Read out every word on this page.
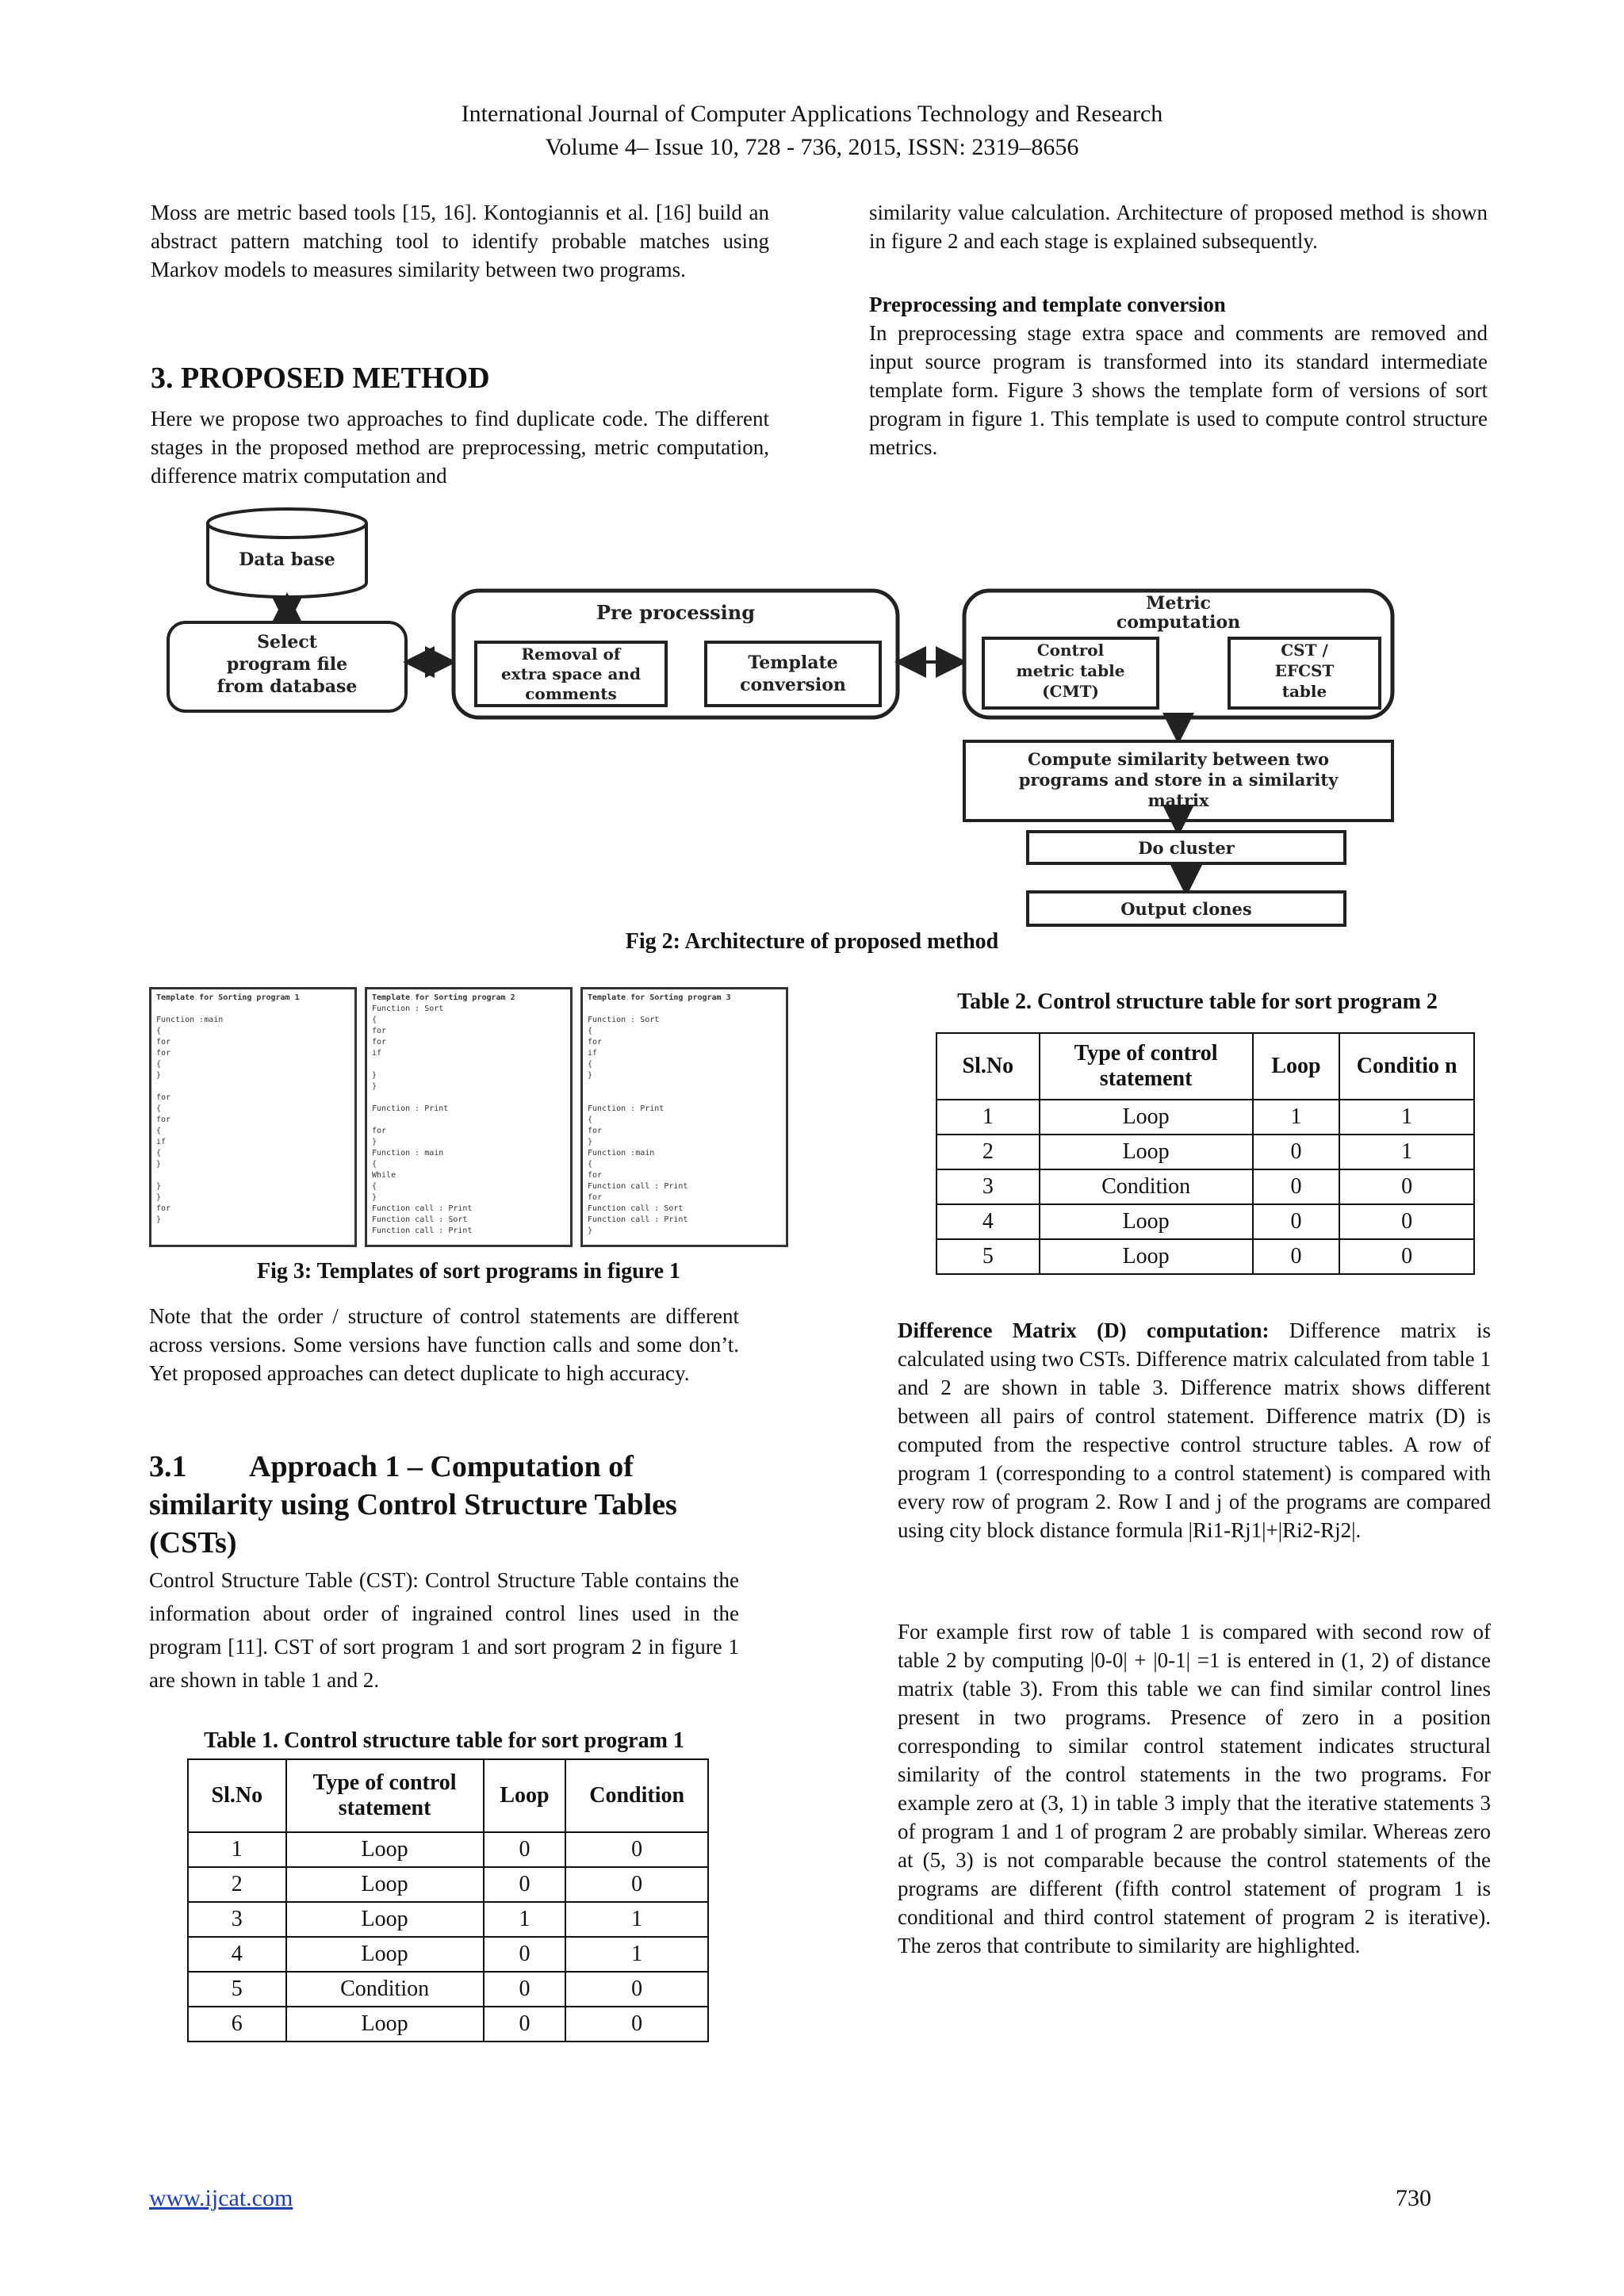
International Journal of Computer Applications Technology and Research
Volume 4– Issue 10, 728 - 736, 2015, ISSN: 2319–8656

Moss are metric based tools [15, 16]. Kontogiannis et al. [16] build an abstract pattern matching tool to identify probable matches using Markov models to measures similarity between two programs.

3. PROPOSED METHOD

Here we propose two approaches to find duplicate code. The different stages in the proposed method are preprocessing, metric computation, difference matrix computation and

similarity value calculation. Architecture of proposed method is shown in figure 2 and each stage is explained subsequently.

Preprocessing and template conversion

In preprocessing stage extra space and comments are removed and input source program is transformed into its standard intermediate template form. Figure 3 shows the template form of versions of sort program in figure 1. This template is used to compute control structure metrics.

Data base
Select
program file
from database
Pre processing
Removal of
extra space and
comments
Template
conversion
Metric
computation
Control
metric table
(CMT)
CST /
EFCST
table
Compute similarity between two
programs and store in a similarity
matrix
Do cluster
Output clones
Fig 2: Architecture of proposed method
Template for Sorting program 1

Function :main
{
for
for
{
}

for
{
for
{
if
{
}

}
}
for
}
Template for Sorting program 2
Function : Sort
{
for
for
if

}
}

Function : Print

for
}
Function : main
{
While
{
}
Function call : Print
Function call : Sort
Function call : Print
Template for Sorting program 3

Function : Sort
{
for
if
{
}

Function : Print
{
for
}
Function :main
{
for
Function call : Print
for
Function call : Sort
Function call : Print
}
Fig 3: Templates of sort programs in figure 1

Note that the order / structure of control statements are different across versions. Some versions have function calls and some don’t. Yet proposed approaches can detect duplicate to high accuracy.

3.1 Approach 1 – Computation of
similarity using Control Structure Tables
(CSTs)

Control Structure Table (CST): Control Structure Table contains the information about order of ingrained control lines used in the program [11]. CST of sort program 1 and sort program 2 in figure 1 are shown in table 1 and 2.

Table 1. Control structure table for sort program 1
Sl.No	Type of control statement	Loop	Condition
1	Loop	0	0
2	Loop	0	0
3	Loop	1	1
4	Loop	0	1
5	Condition	0	0
6	Loop	0	0
Table 2. Control structure table for sort program 2
Sl.No	Type of control statement	Loop	Conditio n
1	Loop	1	1
2	Loop	0	1
3	Condition	0	0
4	Loop	0	0
5	Loop	0	0

Difference Matrix (D) computation: Difference matrix is calculated using two CSTs. Difference matrix calculated from table 1 and 2 are shown in table 3. Difference matrix shows different between all pairs of control statement. Difference matrix (D) is computed from the respective control structure tables. A row of program 1 (corresponding to a control statement) is compared with every row of program 2. Row I and j of the programs are compared using city block distance formula |Ri1-Rj1|+|Ri2-Rj2|.

For example first row of table 1 is compared with second row of table 2 by computing |0-0| + |0-1| =1 is entered in (1, 2) of distance matrix (table 3). From this table we can find similar control lines present in two programs. Presence of zero in a position corresponding to similar control statement indicates structural similarity of the control statements in the two programs. For example zero at (3, 1) in table 3 imply that the iterative statements 3 of program 1 and 1 of program 2 are probably similar. Whereas zero at (5, 3) is not comparable because the control statements of the programs are different (fifth control statement of program 1 is conditional and third control statement of program 2 is iterative). The zeros that contribute to similarity are highlighted.

www.ijcat.com	730
